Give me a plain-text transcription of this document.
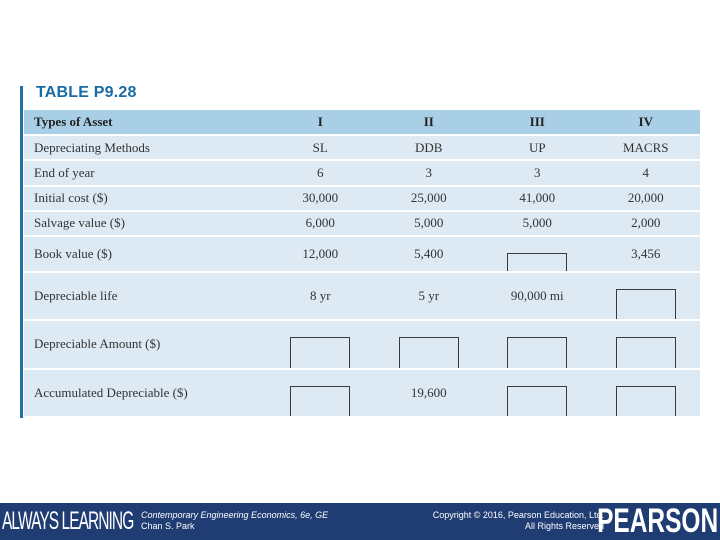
TABLE P9.28
Types of Asset	I	II	III	IV
Depreciating Methods	SL	DDB	UP	MACRS
End of year	6	3	3	4
Initial cost ($)	30,000	25,000	41,000	20,000
Salvage value ($)	6,000	5,000	5,000	2,000
Book value ($)	12,000	5,400		3,456
Depreciable life	8 yr	5 yr	90,000 mi	
Depreciable Amount ($)				
Accumulated Depreciable ($)		19,600		
ALWAYS LEARNING Contemporary Engineering Economics, 6e, GE
Chan S. Park
Copyright © 2016, Pearson Education, Ltd.
All Rights Reserved
PEARSON
